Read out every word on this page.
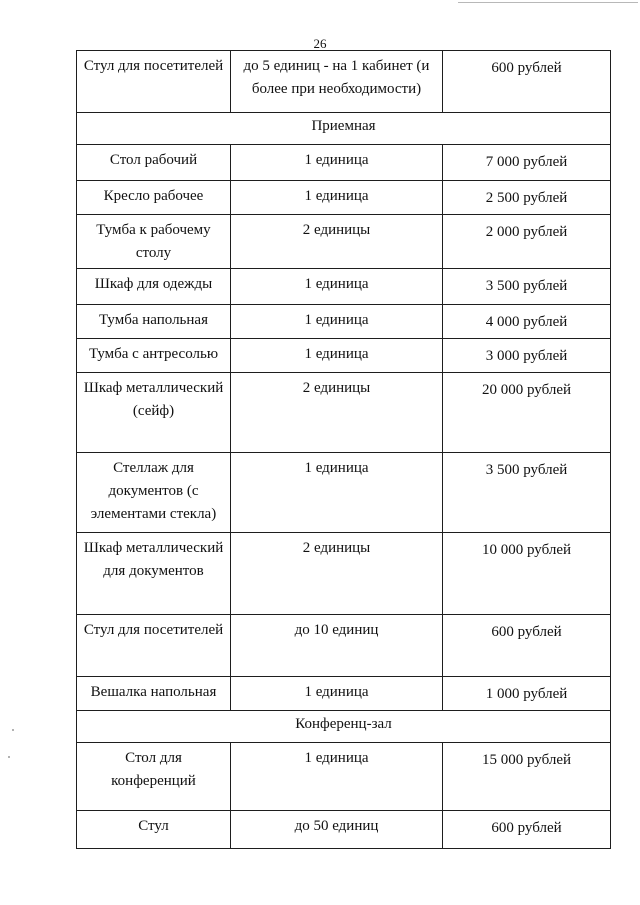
26
Стул для посетителей	до 5 единиц - на 1 кабинет (и более при необходимости)	600 рублей
Приемная		
Стол рабочий	1 единица	7 000 рублей
Кресло рабочее	1 единица	2 500 рублей
Тумба к рабочему столу	2 единицы	2 000 рублей
Шкаф для одежды	1 единица	3 500 рублей
Тумба напольная	1 единица	4 000 рублей
Тумба с антресолью	1 единица	3 000 рублей
Шкаф металлический (сейф)	2 единицы	20 000 рублей
Стеллаж для документов (с элементами стекла)	1 единица	3 500 рублей
Шкаф металлический для документов	2 единицы	10 000 рублей
Стул для посетителей	до 10 единиц	600 рублей
Вешалка напольная	1 единица	1 000 рублей
Конференц-зал		
Стол для конференций	1 единица	15 000 рублей
Стул	до 50 единиц	600 рублей
